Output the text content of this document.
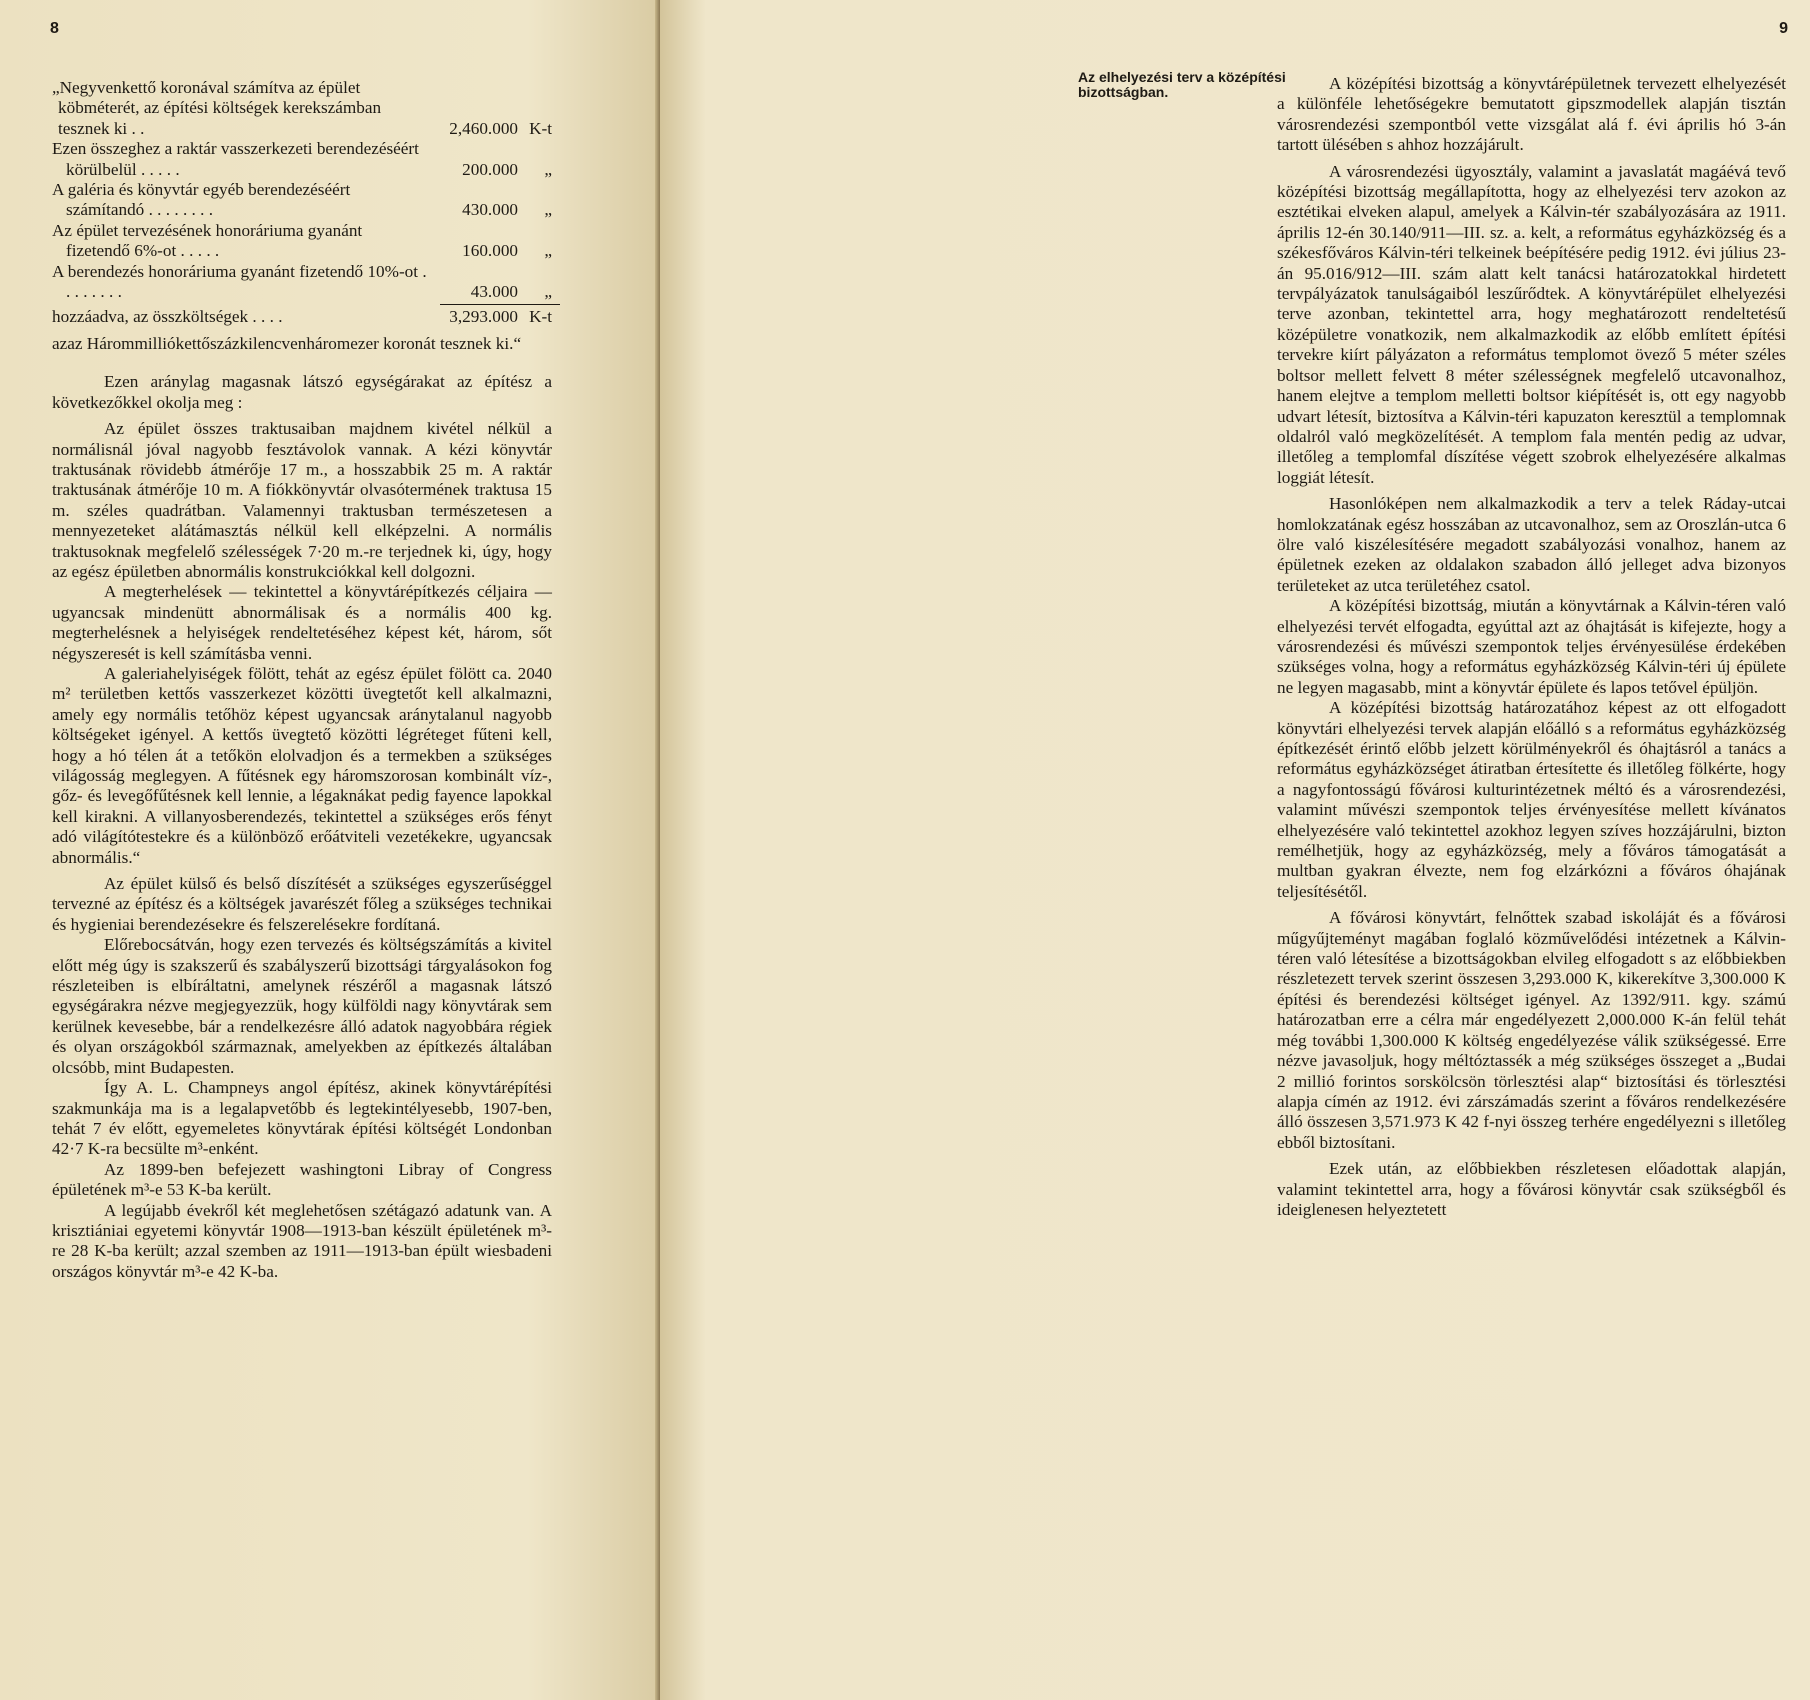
8
„Negyvenkettő koronával számítva az épület köbméterét, az építési költségek kerekszámban tesznek ki . .	2,460.000 K-t
Ezen összeghez a raktár vasszerkezeti berendezéséért körülbelül . . . . .	200.000	„
A galéria és könyvtár egyéb berendezéséért számítandó . . . . . . . .	430.000	„
Az épület tervezésének honoráriuma gyanánt fizetendő 6%-ot . . . . .	160.000	„
A berendezés honoráriuma gyanánt fizetendő 10%-ot . . . . . . . .	43.000	„
hozzáadva, az összköltségek . . . .	3,293.000 K-t

azaz Hárommilliókettőszázkilencvenháromezer koronát tesznek ki.“

Ezen aránylag magasnak látszó egységárakat az építész a következőkkel okolja meg :

Az épület összes traktusaiban majdnem kivétel nélkül a normálisnál jóval nagyobb fesztávolok vannak. A kézi könyvtár traktusának rövidebb átmérője 17 m., a hosszabbik 25 m. A raktár traktusának átmérője 10 m. A fiókkönyvtár olvasótermének traktusa 15 m. széles quadrátban. Valamennyi traktusban természetesen a mennyezeteket alátámasztás nélkül kell elképzelni. A normális traktusoknak megfelelő szélességek 7·20 m.-re terjednek ki, úgy, hogy az egész épületben abnormális konstrukciókkal kell dolgozni.

A megterhelések — tekintettel a könyvtárépítkezés céljaira — ugyancsak mindenütt abnormálisak és a normális 400 kg. megterhelésnek a helyiségek rendeltetéséhez képest két, három, sőt négyszeresét is kell számításba venni.

A galeriahelyiségek fölött, tehát az egész épület fölött ca. 2040 m² területben kettős vasszerkezet közötti üvegtetőt kell alkalmazni, amely egy normális tetőhöz képest ugyancsak aránytalanul nagyobb költségeket igényel. A kettős üvegtető közötti légréteget fűteni kell, hogy a hó télen át a tetőkön elolvadjon és a termekben a szükséges világosság meglegyen. A fűtésnek egy háromszorosan kombinált víz-, gőz- és levegőfűtésnek kell lennie, a légaknákat pedig fayence lapokkal kell kirakni. A villanyosberendezés, tekintettel a szükséges erős fényt adó világítótestekre és a különböző erőátviteli vezetékekre, ugyancsak abnormális.“

Az épület külső és belső díszítését a szükséges egyszerűséggel tervezné az építész és a költségek javarészét főleg a szükséges technikai és hygieniai berendezésekre és felszerelésekre fordítaná.

Előrebocsátván, hogy ezen tervezés és költségszámítás a kivitel előtt még úgy is szakszerű és szabályszerű bizottsági tárgyalásokon fog részleteiben is elbíráltatni, amelynek részéről a magasnak látszó egységárakra nézve megjegyezzük, hogy külföldi nagy könyvtárak sem kerülnek kevesebbe, bár a rendelkezésre álló adatok nagyobbára régiek és olyan országokból származnak, amelyekben az építkezés általában olcsóbb, mint Budapesten.

Így A. L. Champneys angol építész, akinek könyvtárépítési szakmunkája ma is a legalapvetőbb és legtekintélyesebb, 1907-ben, tehát 7 év előtt, egyemeletes könyvtárak építési költségét Londonban 42·7 K-ra becsülte m³-enként.

Az 1899-ben befejezett washingtoni Libray of Congress épületének m³-e 53 K-ba került.

A legújabb évekről két meglehetősen szétágazó adatunk van. A krisztiániai egyetemi könyvtár 1908—1913-ban készült épületének m³-re 28 K-ba került; azzal szemben az 1911—1913-ban épült wiesbadeni országos könyvtár m³-e 42 K-ba.

9
Az elhelyezési terv a középítési bizottságban.	A középítési bizottság a könyvtárépületnek tervezett elhelyezését a különféle lehetőségekre bemutatott gipszmodellek alapján tisztán városrendezési szempontból vette vizsgálat alá f. évi április hó 3-án tartott ülésében s ahhoz hozzájárult.

A városrendezési ügyosztály, valamint a javaslatát magáévá tevő középítési bizottság megállapította, hogy az elhelyezési terv azokon az esztétikai elveken alapul, amelyek a Kálvin-tér szabályozására az 1911. április 12-én 30.140/911—III. sz. a. kelt, a református egyházközség és a székesfőváros Kálvin-téri telkeinek beépítésére pedig 1912. évi július 23-án 95.016/912—III. szám alatt kelt tanácsi határozatokkal hirdetett tervpályázatok tanulságaiból leszűrődtek. A könyvtárépület elhelyezési terve azonban, tekintettel arra, hogy meghatározott rendeltetésű középületre vonatkozik, nem alkalmazkodik az előbb említett építési tervekre kiírt pályázaton a református templomot övező 5 méter széles boltsor mellett felvett 8 méter szélességnek megfelelő utcavonalhoz, hanem elejtve a templom melletti boltsor kiépítését is, ott egy nagyobb udvart létesít, biztosítva a Kálvin-téri kapuzaton keresztül a templomnak oldalról való megközelítését. A templom fala mentén pedig az udvar, illetőleg a templomfal díszítése végett szobrok elhelyezésére alkalmas loggiát létesít.

Hasonlóképen nem alkalmazkodik a terv a telek Ráday-utcai homlokzatának egész hosszában az utcavonalhoz, sem az Oroszlán-utca 6 ölre való kiszélesítésére megadott szabályozási vonalhoz, hanem az épületnek ezeken az oldalakon szabadon álló jelleget adva bizonyos területeket az utca területéhez csatol.

A középítési bizottság, miután a könyvtárnak a Kálvin-téren való elhelyezési tervét elfogadta, egyúttal azt az óhajtását is kifejezte, hogy a városrendezési és művészi szempontok teljes érvényesülése érdekében szükséges volna, hogy a református egyházközség Kálvin-téri új épülete ne legyen magasabb, mint a könyvtár épülete és lapos tetővel épüljön.

A középítési bizottság határozatához képest az ott elfogadott könyvtári elhelyezési tervek alapján előálló s a református egyházközség építkezését érintő előbb jelzett körülményekről és óhajtásról a tanács a református egyházközséget átiratban értesítette és illetőleg fölkérte, hogy a nagyfontosságú fővárosi kulturintézetnek méltó és a városrendezési, valamint művészi szempontok teljes érvényesítése mellett kívánatos elhelyezésére való tekintettel azokhoz legyen szíves hozzájárulni, bizton remélhetjük, hogy az egyházközség, mely a főváros támogatását a multban gyakran élvezte, nem fog elzárkózni a főváros óhajának teljesítésétől.

A fővárosi könyvtárt, felnőttek szabad iskoláját és a fővárosi műgyűjteményt magában foglaló közművelődési intézetnek a Kálvin-téren való létesítése a bizottságokban elvileg elfogadott s az előbbiekben részletezett tervek szerint összesen 3,293.000 K, kikerekítve 3,300.000 K építési és berendezési költséget igényel. Az 1392/911. kgy. számú határozatban erre a célra már engedélyezett 2,000.000 K-án felül tehát még további 1,300.000 K költség engedélyezése válik szükségessé. Erre nézve javasoljuk, hogy méltóztassék a még szükséges összeget a „Budai 2 millió forintos sorskölcsön törlesztési alap“ biztosítási és törlesztési alapja címén az 1912. évi zárszámadás szerint a főváros rendelkezésére álló összesen 3,571.973 K 42 f-nyi összeg terhére engedélyezni s illetőleg ebből biztosítani.

Ezek után, az előbbiekben részletesen előadottak alapján, valamint tekintettel arra, hogy a fővárosi könyvtár csak szükségből és ideiglenesen helyeztetett
